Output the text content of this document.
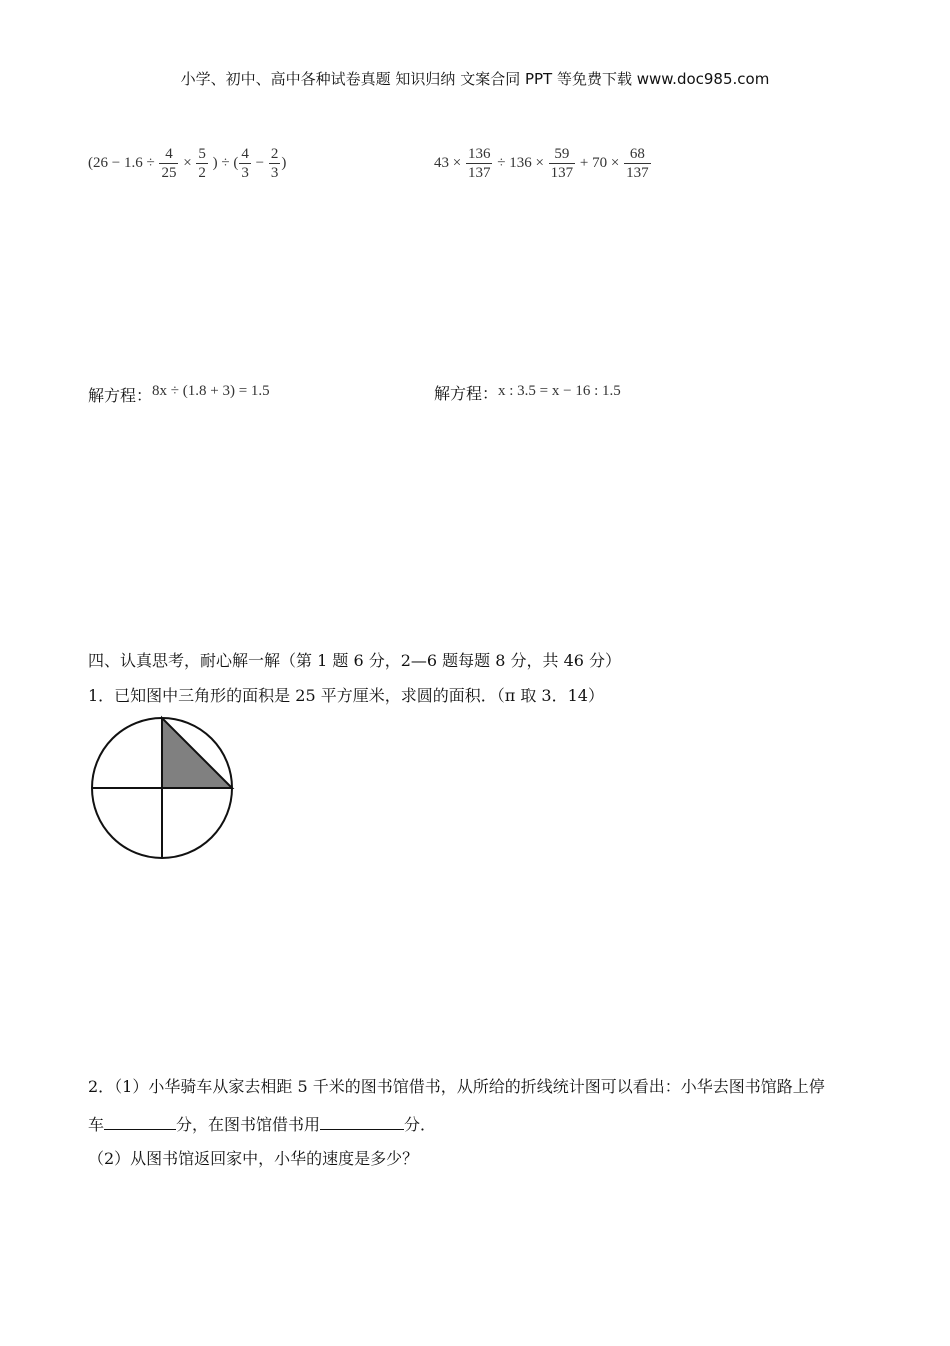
小学、初中、高中各种试卷真题 知识归纳 文案合同 PPT 等免费下载 www.doc985.com
($26 - 1.6 \div \frac{4}{25} \times \frac{5}{2}$ ) ÷ ( $\frac{4}{3} - \frac{2}{3}$ )	$43 \times \frac{136}{137} \div 136 \times \frac{59}{137} + 70 \times \frac{68}{137}$
解方程：8x ÷ (1.8 + 3) = 1.5	解方程：x : 3.5 = x − 16 : 1.5
四、认真思考，耐心解一解（第 1 题 6 分，2—6 题每题 8 分，共 46 分）
1．已知图中三角形的面积是 25 平方厘米，求圆的面积．（π 取 3．14）
2．（1）小华骑车从家去相距 5 千米的图书馆借书，从所给的折线统计图可以看出：小华去图书馆路上停
车	分，在图书馆借书用	分．
（2）从图书馆返回家中，小华的速度是多少？
